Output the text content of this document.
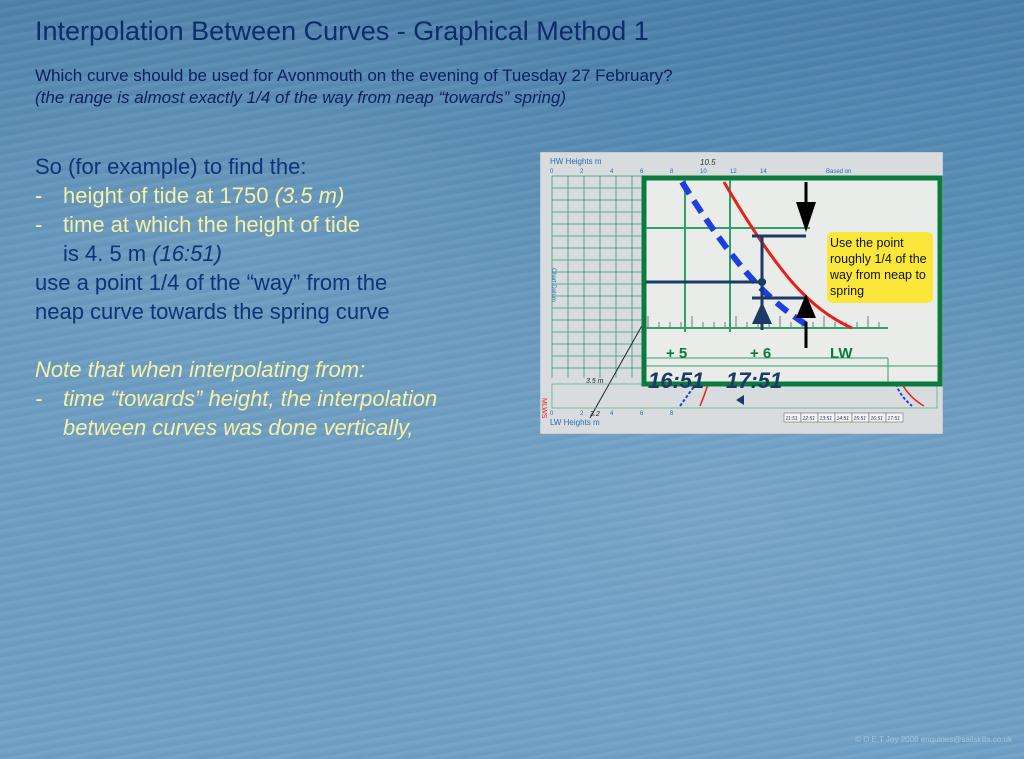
Interpolation Between Curves - Graphical Method 1
Which curve should be used for Avonmouth on the evening of Tuesday 27 February?
(the range is almost exactly 1/4 of the way from neap “towards” spring)
So (for example) to find the:
- height of tide at 1750 (3.5 m)
- time at which the height of tide
is 4. 5 m (16:51)
use a point 1/4 of the “way” from the
neap curve towards the spring curve
Note that when interpolating from:
- time “towards” height, the interpolation
between curves was done vertically,
HW Heights m
0	2	4	6	8	10	12	14
10.5
Based on
Chart Datum
MLWS
3.5 m
3.2
0	2	4	6	8
LW Heights m	11:51 12:51 13:51 14:51 15:51 16:51 17:51
+ 5	+ 6	LW
16:51 17:51
Use the point roughly 1/4 of the way from neap to spring
© O E T Joy 2008 enquiries@sailskills.co.uk
